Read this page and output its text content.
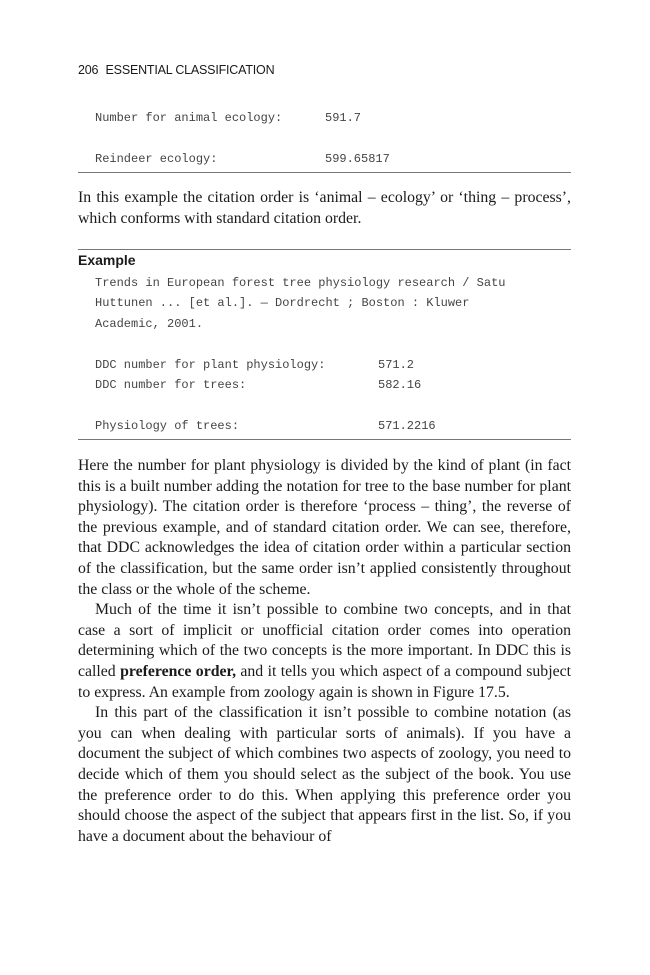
206 ESSENTIAL CLASSIFICATION
Number for animal ecology:	591.7
Reindeer ecology:	599.65817

In this example the citation order is ‘animal – ecology’ or ‘thing – process’, which conforms with standard citation order.

Example
Trends in European forest tree physiology research / Satu
Huttunen ... [et al.]. — Dordrecht ; Boston : Kluwer
Academic, 2001.
DDC number for plant physiology:	571.2
DDC number for trees:	582.16
Physiology of trees:	571.2216

Here the number for plant physiology is divided by the kind of plant (in fact this is a built number adding the notation for tree to the base number for plant physiology). The citation order is therefore ‘process – thing’, the reverse of the previous example, and of standard citation order. We can see, therefore, that DDC acknowledges the idea of citation order within a particular section of the classification, but the same order isn’t applied consistently throughout the class or the whole of the scheme.

Much of the time it isn’t possible to combine two concepts, and in that case a sort of implicit or unofficial citation order comes into operation determining which of the two concepts is the more important. In DDC this is called preference order, and it tells you which aspect of a compound subject to express. An example from zoology again is shown in Figure 17.5.

In this part of the classification it isn’t possible to combine notation (as you can when dealing with particular sorts of animals). If you have a document the subject of which combines two aspects of zoology, you need to decide which of them you should select as the subject of the book. You use the preference order to do this. When applying this preference order you should choose the aspect of the subject that appears first in the list. So, if you have a document about the behaviour of
